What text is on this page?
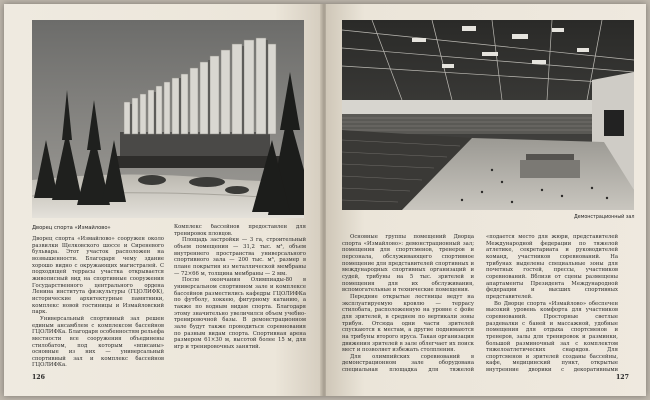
Дворец спорта «Измайлово»

Дворец спорта «Измайлово» сооружен около развилки Щелковского шоссе и Сиреневого бульвара. Этот участок расположен на возвышенности. Благодаря чему здание хорошо видно с окружающих магистралей. С подходящей террасы участка открывается живописный вид на спортивные сооружения Государственного центрального ордена Ленина института физкультуры (ГЦОЛИФК), исторические архитектурные памятники, комплекс новой гостиницы и Измайловский парк.

Универсальный спортивный зал решен единым ансамблем с комплексом бассейнов ГЦОЛИФКа. Благодаря особенностям рельефа местности все сооружения объединены стилобатом, под которым «вписаны» основные из них — универсальный спортивный зал и комплекс бассейнов ГЦОЛИФКа.

Комплекс бассейнов предоставлен для тренировок пловцов.

Площадь застройки — 3 га, строительный объем помещения — 31,2 тыс. м³, объем внутреннего пространства универсального спортивного зала — 200 тыс. м³, размер в плане покрытия из металлической мембраны — 72×66 м, толщина мембраны — 2 мм.

После окончания Олимпиады-80 в универсальном спортивном зале и комплексе бассейнов разместились кафедры ГЦОЛИФКа по футболу, хоккею, фигурному катанию, а также по водным видам спорта. Благодаря этому значительно увеличился объем учебно-тренировочной базы. В демонстрационном зале будут также проводиться соревнования по разным видам спорта. Спортивная арена размером 61×30 м, высотой более 15 м, для игр и тренировочных занятий.

126
Демонстрационный зал

Основные группы помещений Дворца спорта «Измайлово»: демонстрационный зал; помещения для спортсменов, тренеров и персонала, обслуживающего спортивное помещение для представителей спортивных и международных спортивных организаций и судей, трибуны на 5 тыс. зрителей и помещения для их обслуживания, вспомогательные и технические помещения.

Передние открытые лестницы ведут на эксплуатируемую кровлю — террасу стилобата, расположенную на уровне с фойе для зрителей, в среднем по вертикали зоны трибун. Отсюда одни части зрителей спускаются к местам, а другие поднимаются на трибуны второго яруса. Такая организация движения зрителей в зале облегчает их поиск мест и позволяет избежать столпления.

Для олимпийских соревнований в демонстрационном зале оборудована специальная площадка для тяжелой

«подается место для жюри, представителей Международной федерации по тяжелой атлетике, секретариата и руководителей команд, участников соревнований. На трибунах выделены специальные зоны для почетных гостей, прессы, участников соревнований. Вблизи от сцены размещены апартаменты Президента Международной федерации и высших спортивных представителей.

Во Дворце спорта «Измайлово» обеспечен высокий уровень комфорта для участников соревнований. Просторные светлые раздевалки с баней и массажной, удобные помещения для отдыха спортсменов и тренеров, залы для тренировок и разминки, большой разминочный зал с комплектом тяжелоатлетических снарядов. Для спортсменов и зрителей созданы бассейны, кафе, медицинский пункт, открытые внутренние дворики с декоративными

127
